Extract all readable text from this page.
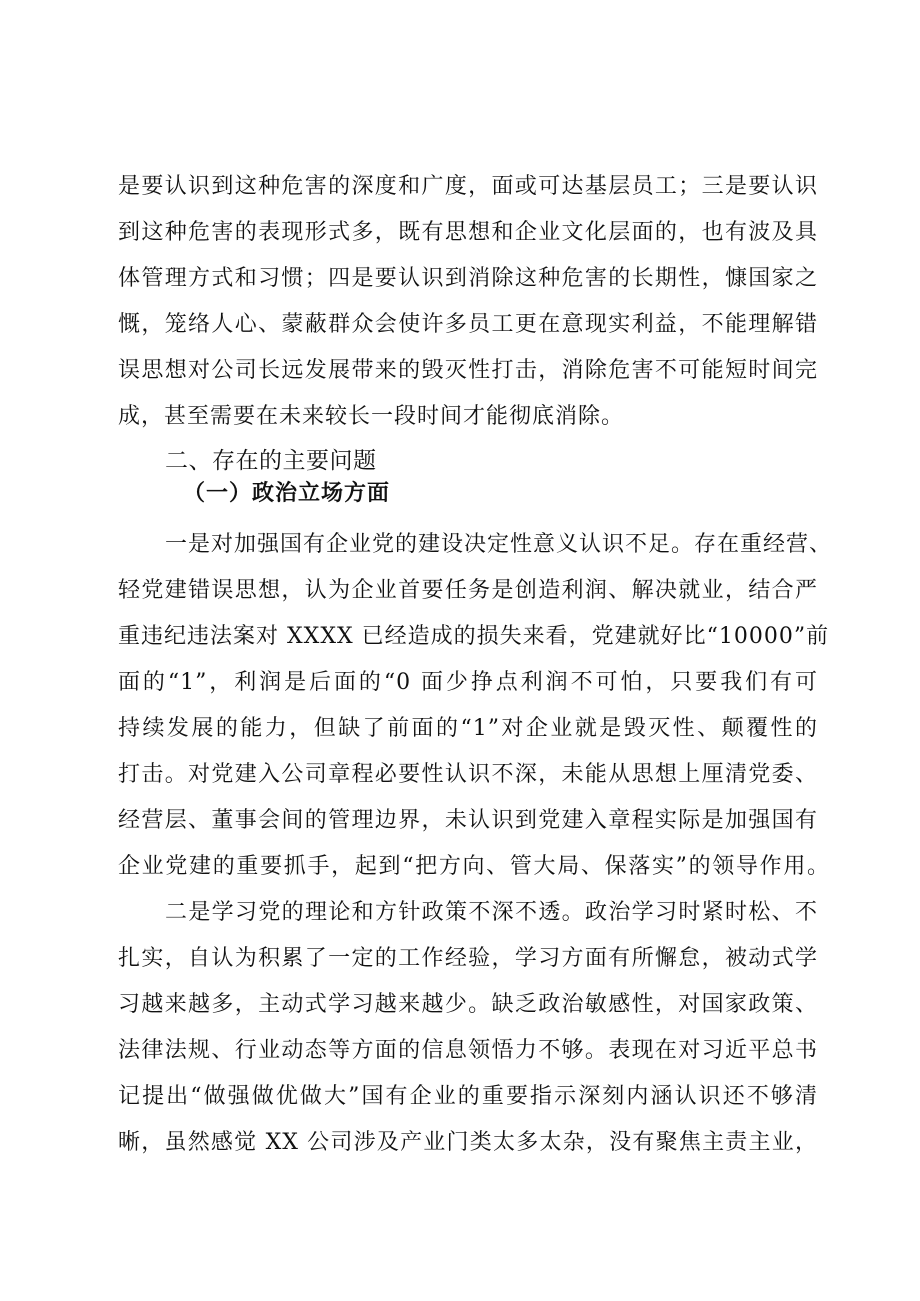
是要认识到这种危害的深度和广度，面或可达基层员工；三是要认识
到这种危害的表现形式多，既有思想和企业文化层面的，也有波及具
体管理方式和习惯；四是要认识到消除这种危害的长期性，慷国家之
慨，笼络人心、蒙蔽群众会使许多员工更在意现实利益，不能理解错
误思想对公司长远发展带来的毁灭性打击，消除危害不可能短时间完
成，甚至需要在未来较长一段时间才能彻底消除。
二、存在的主要问题
（一）政治立场方面
一是对加强国有企业党的建设决定性意义认识不足。存在重经营、
轻党建错误思想，认为企业首要任务是创造利润、解决就业，结合严
重违纪违法案对 XXXX 已经造成的损失来看，党建就好比“10000”前
面的“1”，利润是后面的“0 面少挣点利润不可怕，只要我们有可
持续发展的能力，但缺了前面的“1”对企业就是毁灭性、颠覆性的
打击。对党建入公司章程必要性认识不深，未能从思想上厘清党委、
经营层、董事会间的管理边界，未认识到党建入章程实际是加强国有
企业党建的重要抓手，起到“把方向、管大局、保落实”的领导作用。
二是学习党的理论和方针政策不深不透。政治学习时紧时松、不
扎实，自认为积累了一定的工作经验，学习方面有所懈怠，被动式学
习越来越多，主动式学习越来越少。缺乏政治敏感性，对国家政策、
法律法规、行业动态等方面的信息领悟力不够。表现在对习近平总书
记提出“做强做优做大”国有企业的重要指示深刻内涵认识还不够清
晰，虽然感觉 XX 公司涉及产业门类太多太杂，没有聚焦主责主业，
